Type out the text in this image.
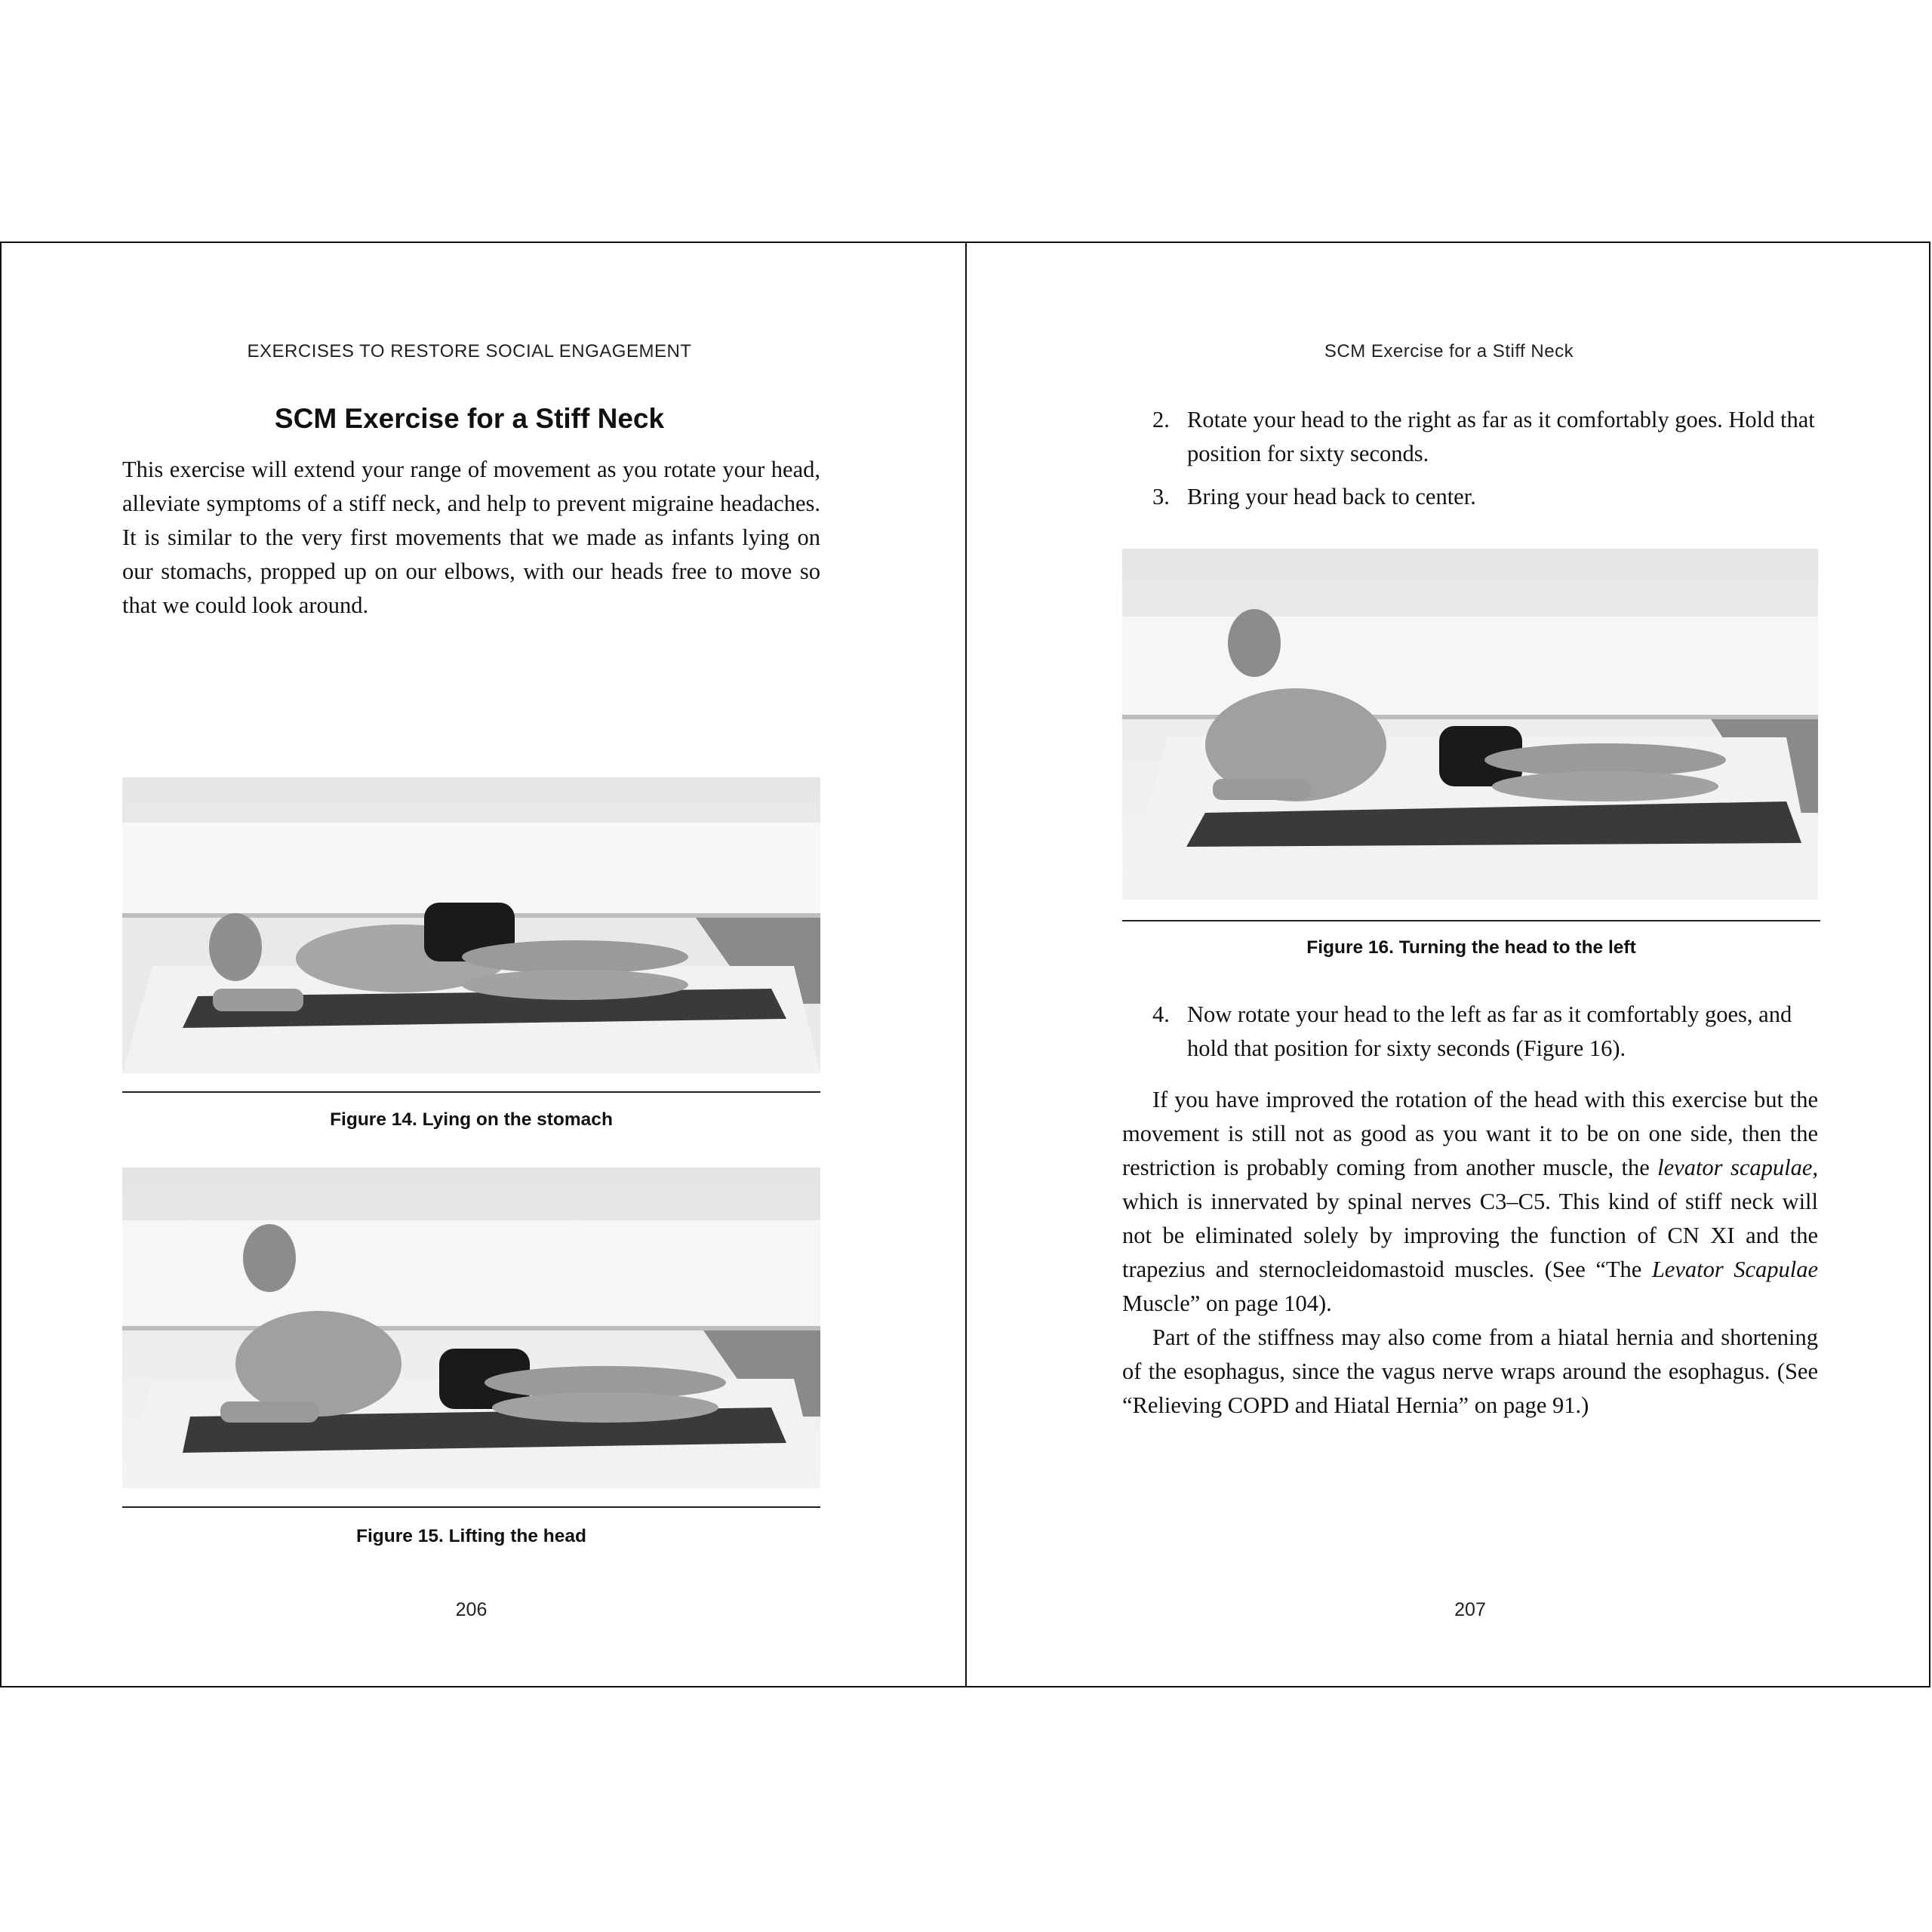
EXERCISES TO RESTORE SOCIAL ENGAGEMENT
SCM Exercise for a Stiff Neck

This exercise will extend your range of movement as you rotate your head, alleviate symptoms of a stiff neck, and help to prevent migraine headaches. It is similar to the very first movements that we made as infants lying on our stomachs, propped up on our elbows, with our heads free to move so that we could look around.

Figure 14. Lying on the stomach
Figure 15. Lifting the head
206
SCM Exercise for a Stiff Neck
2. Rotate your head to the right as far as it comfortably goes. Hold that position for sixty seconds.
3. Bring your head back to center.
Figure 16. Turning the head to the left
4. Now rotate your head to the left as far as it comfortably goes, and hold that position for sixty seconds (Figure 16).

If you have improved the rotation of the head with this exercise but the movement is still not as good as you want it to be on one side, then the restriction is probably coming from another muscle, the levator scapulae, which is innervated by spinal nerves C3–C5. This kind of stiff neck will not be eliminated solely by improving the function of CN XI and the trapezius and sternocleidomastoid muscles. (See “The Levator Scapulae Muscle” on page 104).

Part of the stiffness may also come from a hiatal hernia and shortening of the esophagus, since the vagus nerve wraps around the esophagus. (See “Relieving COPD and Hiatal Hernia” on page 91.)

207
